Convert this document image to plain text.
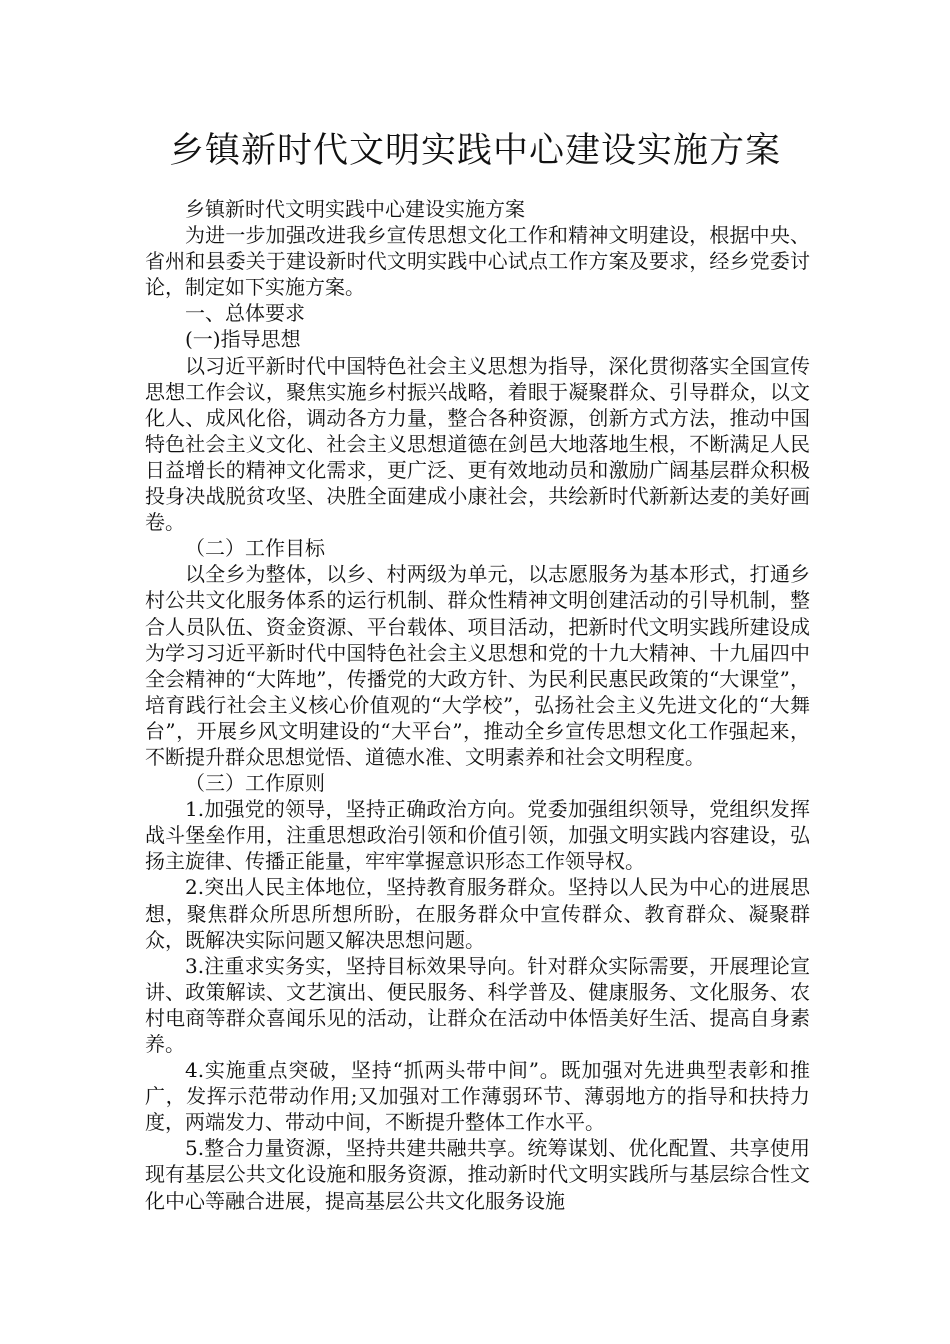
乡镇新时代文明实践中心建设实施方案

乡镇新时代文明实践中心建设实施方案

为进一步加强改进我乡宣传思想文化工作和精神文明建设，根据中央、省州和县委关于建设新时代文明实践中心试点工作方案及要求，经乡党委讨论，制定如下实施方案。

一、总体要求

(一)指导思想

以习近平新时代中国特色社会主义思想为指导，深化贯彻落实全国宣传思想工作会议，聚焦实施乡村振兴战略，着眼于凝聚群众、引导群众，以文化人、成风化俗，调动各方力量，整合各种资源，创新方式方法，推动中国特色社会主义文化、社会主义思想道德在剑邑大地落地生根，不断满足人民日益增长的精神文化需求，更广泛、更有效地动员和激励广阔基层群众积极投身决战脱贫攻坚、决胜全面建成小康社会，共绘新时代新新达麦的美好画卷。

（二）工作目标

以全乡为整体，以乡、村两级为单元，以志愿服务为基本形式，打通乡村公共文化服务体系的运行机制、群众性精神文明创建活动的引导机制，整合人员队伍、资金资源、平台载体、项目活动，把新时代文明实践所建设成为学习习近平新时代中国特色社会主义思想和党的十九大精神、十九届四中全会精神的“大阵地”，传播党的大政方针、为民利民惠民政策的“大课堂”，培育践行社会主义核心价值观的“大学校”，弘扬社会主义先进文化的“大舞台”，开展乡风文明建设的“大平台”，推动全乡宣传思想文化工作强起来，不断提升群众思想觉悟、道德水准、文明素养和社会文明程度。

（三）工作原则

1.加强党的领导，坚持正确政治方向。党委加强组织领导，党组织发挥战斗堡垒作用，注重思想政治引领和价值引领，加强文明实践内容建设，弘扬主旋律、传播正能量，牢牢掌握意识形态工作领导权。

2.突出人民主体地位，坚持教育服务群众。坚持以人民为中心的进展思想，聚焦群众所思所想所盼，在服务群众中宣传群众、教育群众、凝聚群众，既解决实际问题又解决思想问题。

3.注重求实务实，坚持目标效果导向。针对群众实际需要，开展理论宣讲、政策解读、文艺演出、便民服务、科学普及、健康服务、文化服务、农村电商等群众喜闻乐见的活动，让群众在活动中体悟美好生活、提高自身素养。

4.实施重点突破，坚持“抓两头带中间”。既加强对先进典型表彰和推广，发挥示范带动作用;又加强对工作薄弱环节、薄弱地方的指导和扶持力度，两端发力、带动中间，不断提升整体工作水平。

5.整合力量资源，坚持共建共融共享。统筹谋划、优化配置、共享使用现有基层公共文化设施和服务资源，推动新时代文明实践所与基层综合性文化中心等融合进展，提高基层公共文化服务设施
